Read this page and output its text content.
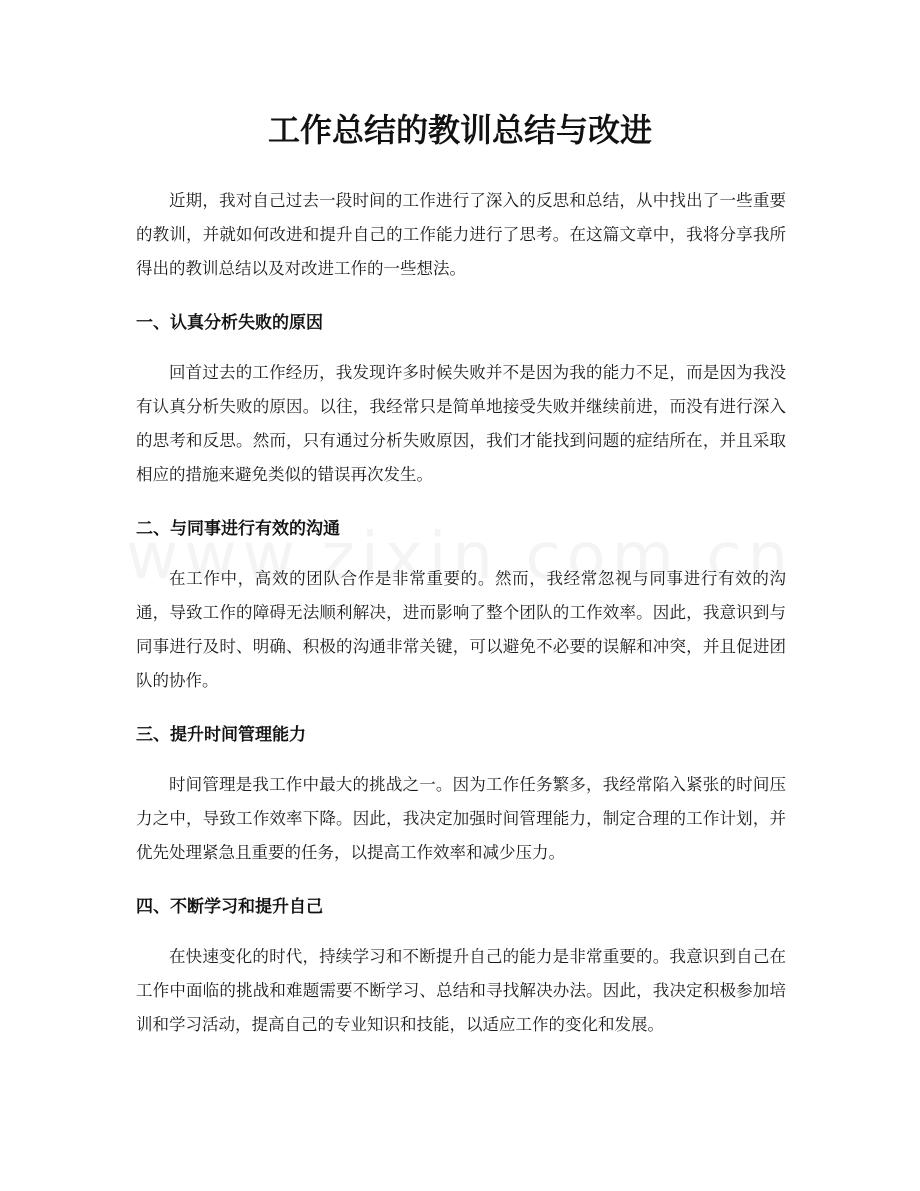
工作总结的教训总结与改进

近期，我对自己过去一段时间的工作进行了深入的反思和总结，从中找出了一些重要的教训，并就如何改进和提升自己的工作能力进行了思考。在这篇文章中，我将分享我所得出的教训总结以及对改进工作的一些想法。

一、认真分析失败的原因

回首过去的工作经历，我发现许多时候失败并不是因为我的能力不足，而是因为我没有认真分析失败的原因。以往，我经常只是简单地接受失败并继续前进，而没有进行深入的思考和反思。然而，只有通过分析失败原因，我们才能找到问题的症结所在，并且采取相应的措施来避免类似的错误再次发生。

二、与同事进行有效的沟通

在工作中，高效的团队合作是非常重要的。然而，我经常忽视与同事进行有效的沟通，导致工作的障碍无法顺利解决，进而影响了整个团队的工作效率。因此，我意识到与同事进行及时、明确、积极的沟通非常关键，可以避免不必要的误解和冲突，并且促进团队的协作。

三、提升时间管理能力

时间管理是我工作中最大的挑战之一。因为工作任务繁多，我经常陷入紧张的时间压力之中，导致工作效率下降。因此，我决定加强时间管理能力，制定合理的工作计划，并优先处理紧急且重要的任务，以提高工作效率和减少压力。

四、不断学习和提升自己

在快速变化的时代，持续学习和不断提升自己的能力是非常重要的。我意识到自己在工作中面临的挑战和难题需要不断学习、总结和寻找解决办法。因此，我决定积极参加培训和学习活动，提高自己的专业知识和技能，以适应工作的变化和发展。
